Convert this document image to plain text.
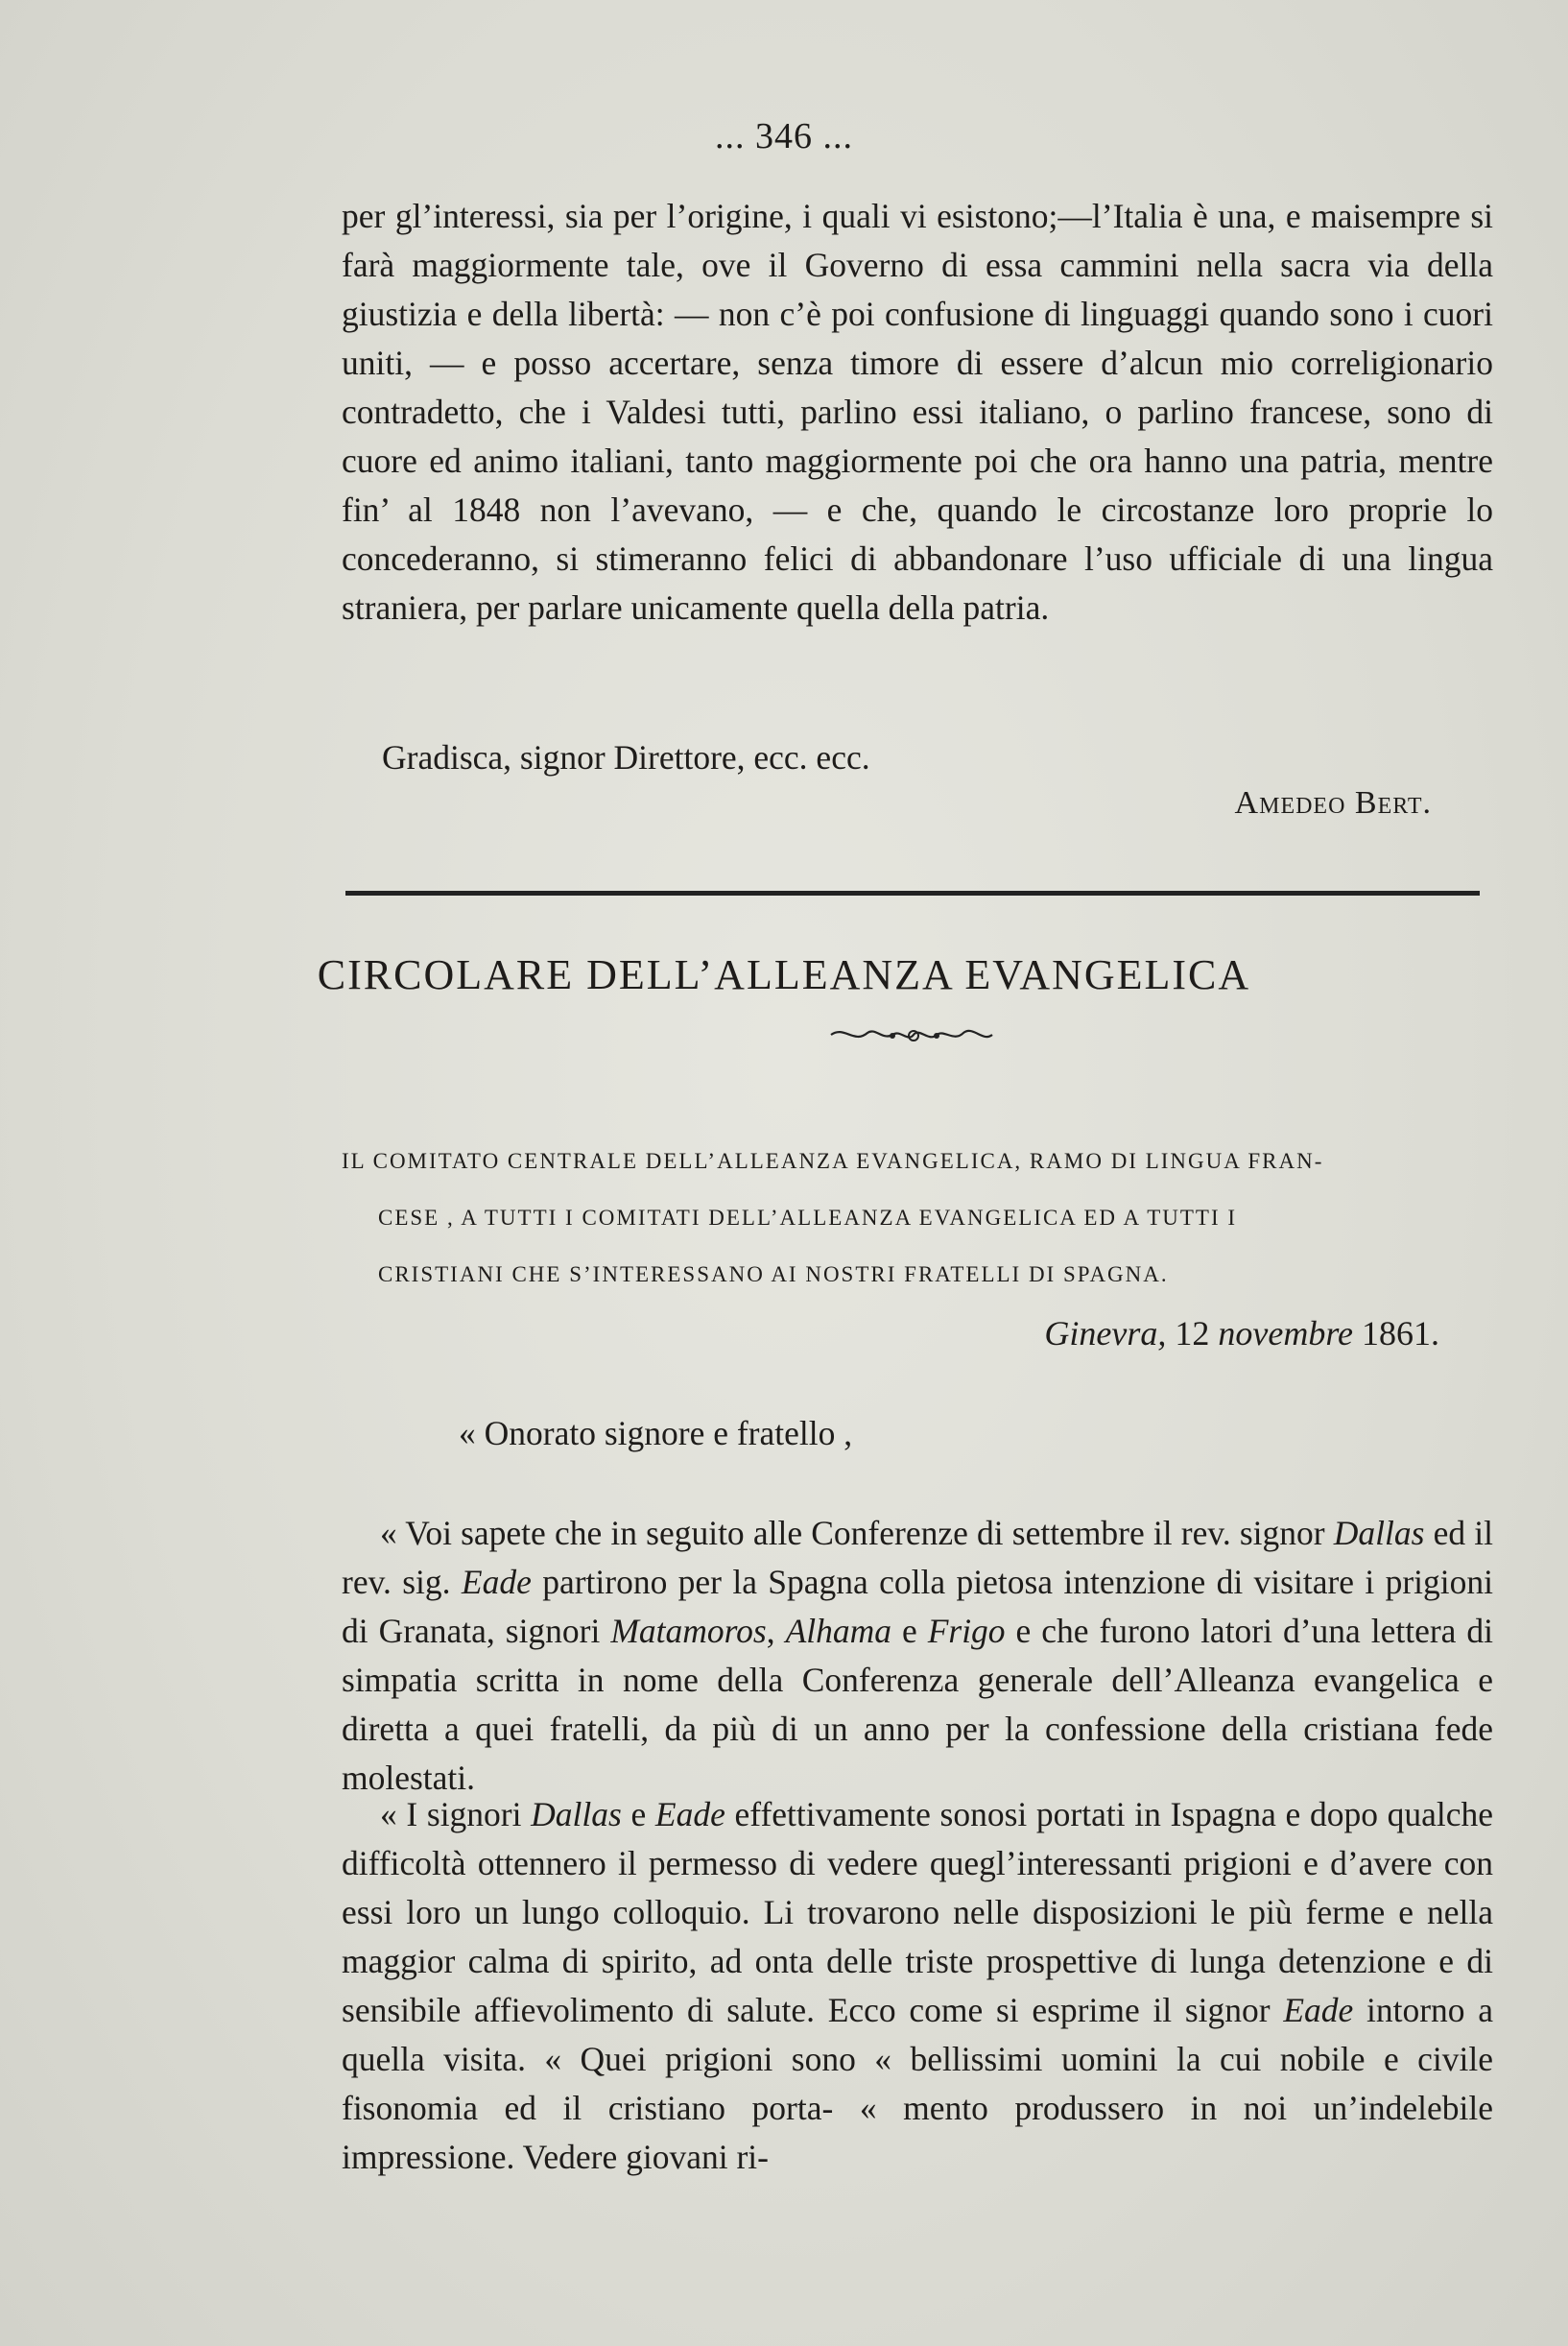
... 346 ...

per gl’interessi, sia per l’origine, i quali vi esistono;—l’Italia è una, e maisempre si farà maggiormente tale, ove il Governo di essa cammini nella sacra via della giustizia e della libertà: — non c’è poi confusione di linguaggi quando sono i cuori uniti, — e posso accertare, senza timore di essere d’alcun mio correligionario contradetto, che i Valdesi tutti, parlino essi italiano, o parlino francese, sono di cuore ed animo italiani, tanto maggiormente poi che ora hanno una patria, mentre fin’ al 1848 non l’avevano, — e che, quando le circostanze loro proprie lo concederanno, si stimeranno felici di abbandonare l’uso ufficiale di una lingua straniera, per parlare unicamente quella della patria.

Gradisca, signor Direttore, ecc. ecc.

Amedeo Bert.
CIRCOLARE DELL’ALLEANZA EVANGELICA

IL COMITATO CENTRALE DELL’ALLEANZA EVANGELICA, RAMO DI LINGUA FRAN-
CESE , A TUTTI I COMITATI DELL’ALLEANZA EVANGELICA ED A TUTTI I
CRISTIANI CHE S’INTERESSANO AI NOSTRI FRATELLI DI SPAGNA.

Ginevra, 12 novembre 1861.
« Onorato signore e fratello ,

« Voi sapete che in seguito alle Conferenze di settembre il rev. signor Dallas ed il rev. sig. Eade partirono per la Spagna colla pietosa intenzione di visitare i prigioni di Granata, signori Matamoros, Alhama e Frigo e che furono latori d’una lettera di simpatia scritta in nome della Conferenza generale dell’Alleanza evangelica e diretta a quei fratelli, da più di un anno per la confessione della cristiana fede molestati.

« I signori Dallas e Eade effettivamente sonosi portati in Ispagna e dopo qualche difficoltà ottennero il permesso di vedere quegl’interessanti prigioni e d’avere con essi loro un lungo colloquio. Li trovarono nelle disposizioni le più ferme e nella maggior calma di spirito, ad onta delle triste prospettive di lunga detenzione e di sensibile affievolimento di salute. Ecco come si esprime il signor Eade intorno a quella visita. « Quei prigioni sono « bellissimi uomini la cui nobile e civile fisonomia ed il cristiano porta- « mento produssero in noi un’indelebile impressione. Vedere giovani ri-
